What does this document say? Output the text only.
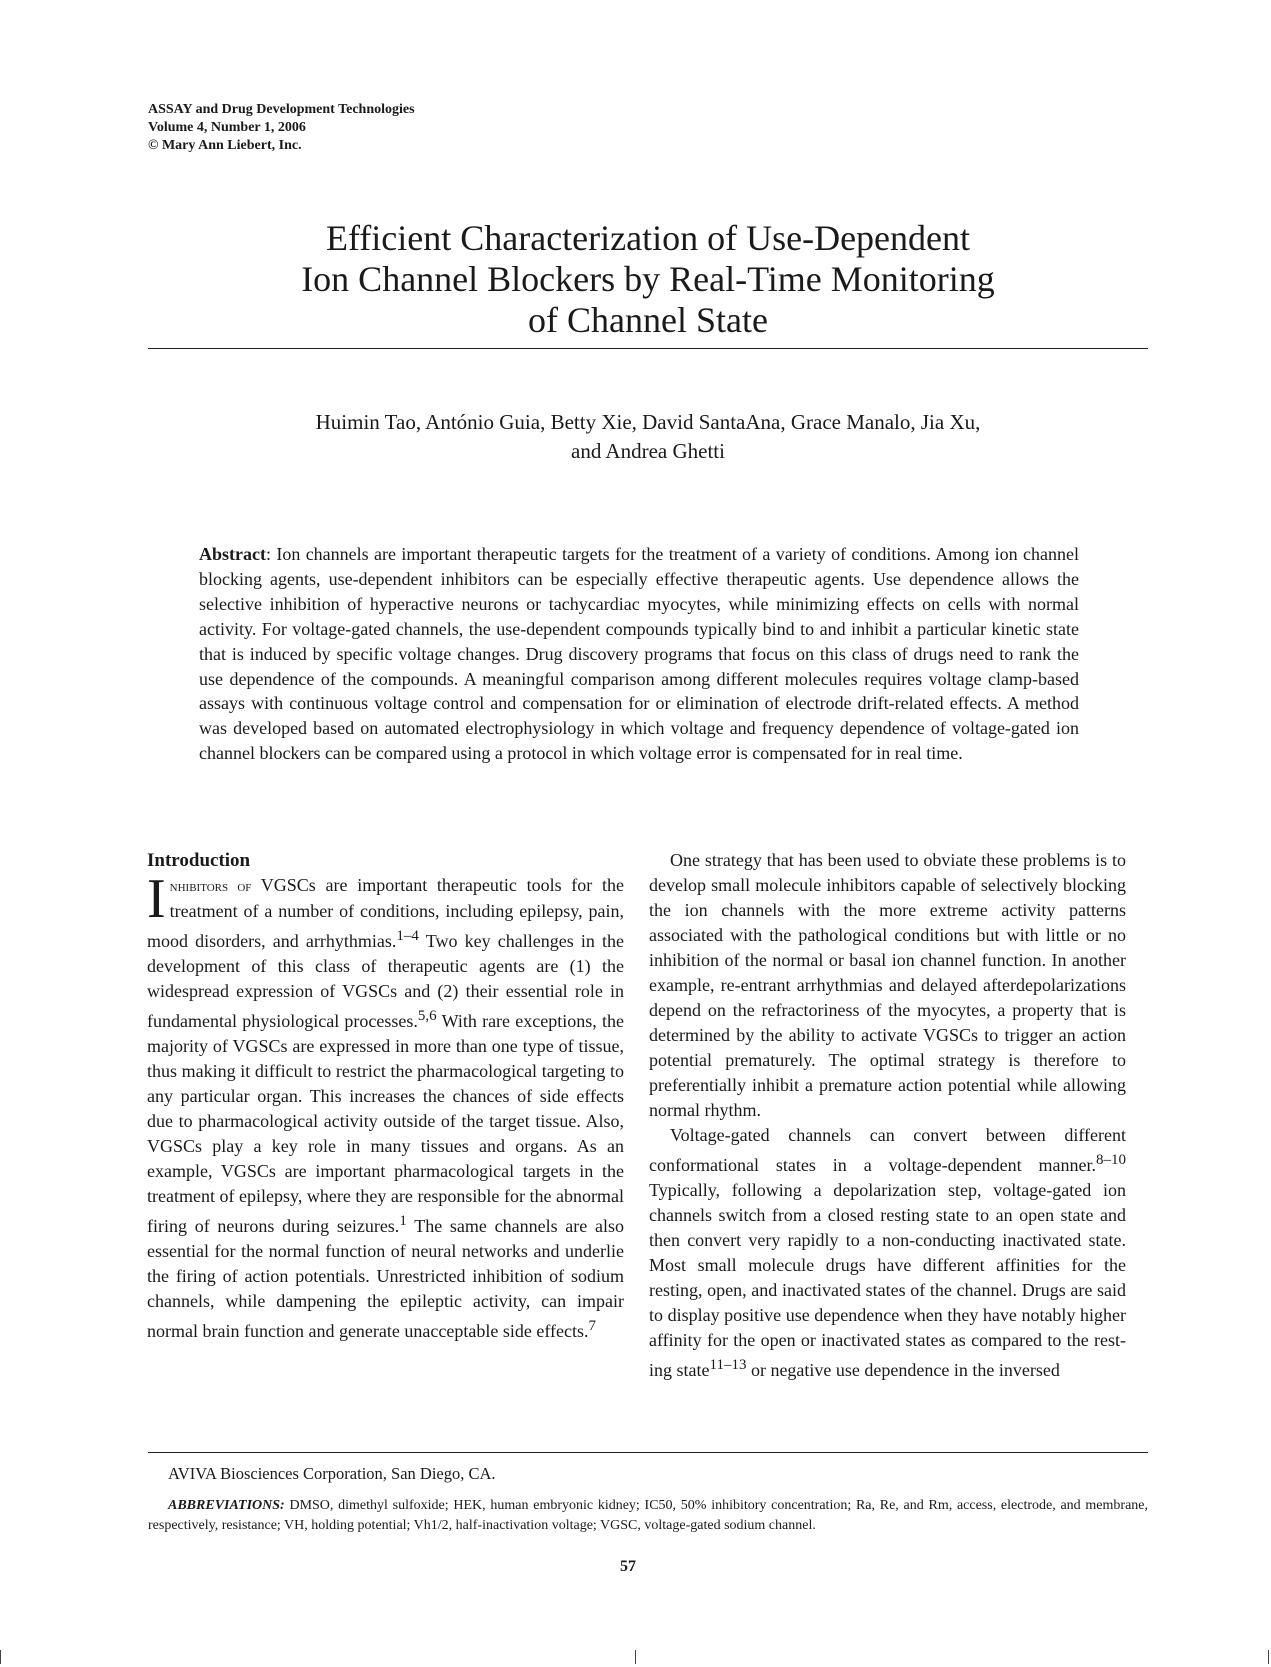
ASSAY and Drug Development Technologies
Volume 4, Number 1, 2006
© Mary Ann Liebert, Inc.
Efficient Characterization of Use-Dependent
Ion Channel Blockers by Real-Time Monitoring
of Channel State
Huimin Tao, António Guia, Betty Xie, David SantaAna, Grace Manalo, Jia Xu,
and Andrea Ghetti
Abstract: Ion channels are important therapeutic targets for the treatment of a variety of conditions. Among ion channel blocking agents, use-dependent inhibitors can be especially effective therapeutic agents. Use dependence allows the selective inhibition of hyperactive neurons or tachycardiac myocytes, while minimizing effects on cells with normal activity. For voltage-gated channels, the use-dependent compounds typically bind to and inhibit a particular kinetic state that is induced by specific voltage changes. Drug discovery programs that focus on this class of drugs need to rank the use dependence of the compounds. A meaningful comparison among different molecules requires voltage clamp-based assays with continuous voltage control and compensation for or elimination of electrode drift-related effects. A method was developed based on automated electrophysiology in which voltage and frequency dependence of voltage-gated ion channel blockers can be compared using a protocol in which voltage error is compensated for in real time.

Introduction

Inhibitors of VGSCs are important therapeutic tools for the treatment of a number of conditions, including epilepsy, pain, mood disorders, and arrhythmias.$^{1-4}$ Two key challenges in the development of this class of therapeutic agents are (1) the widespread expression of VGSCs and (2) their essential role in fundamental physiological processes.$^{5,6}$ With rare exceptions, the majority of VGSCs are expressed in more than one type of tissue, thus making it difficult to restrict the pharmacological targeting to any particular organ. This increases the chances of side effects due to pharmacological activity outside of the target tissue. Also, VGSCs play a key role in many tissues and organs. As an example, VGSCs are important pharmacological targets in the treatment of epilepsy, where they are responsible for the abnormal firing of neurons during seizures.$^1$ The same channels are also essential for the normal function of neural networks and underlie the firing of action potentials. Unrestricted inhibition of sodium channels, while dampening the epileptic activity, can impair normal brain function and generate unacceptable side effects.$^7$

One strategy that has been used to obviate these problems is to develop small molecule inhibitors capable of selectively blocking the ion channels with the more extreme activity patterns associated with the pathological conditions but with little or no inhibition of the normal or basal ion channel function. In another example, re-entrant arrhythmias and delayed afterdepolarizations depend on the refractoriness of the myocytes, a property that is determined by the ability to activate VGSCs to trigger an action potential prematurely. The optimal strategy is therefore to preferentially inhibit a premature action potential while allowing normal rhythm.

Voltage-gated channels can convert between different conformational states in a voltage-dependent manner.$^{8-10}$ Typically, following a depolarization step, voltage-gated ion channels switch from a closed resting state to an open state and then convert very rapidly to a non-conducting inactivated state. Most small molecule drugs have different affinities for the resting, open, and inactivated states of the channel. Drugs are said to display positive use dependence when they have notably higher affinity for the open or inactivated states as compared to the resting state$^{11-13}$ or negative use dependence in the inversed

AVIVA Biosciences Corporation, San Diego, CA.
ABBREVIATIONS: DMSO, dimethyl sulfoxide; HEK, human embryonic kidney; IC50, 50% inhibitory concentration; Ra, Re, and Rm, access, electrode, and membrane, respectively, resistance; VH, holding potential; Vh1/2, half-inactivation voltage; VGSC, voltage-gated sodium channel.
57
